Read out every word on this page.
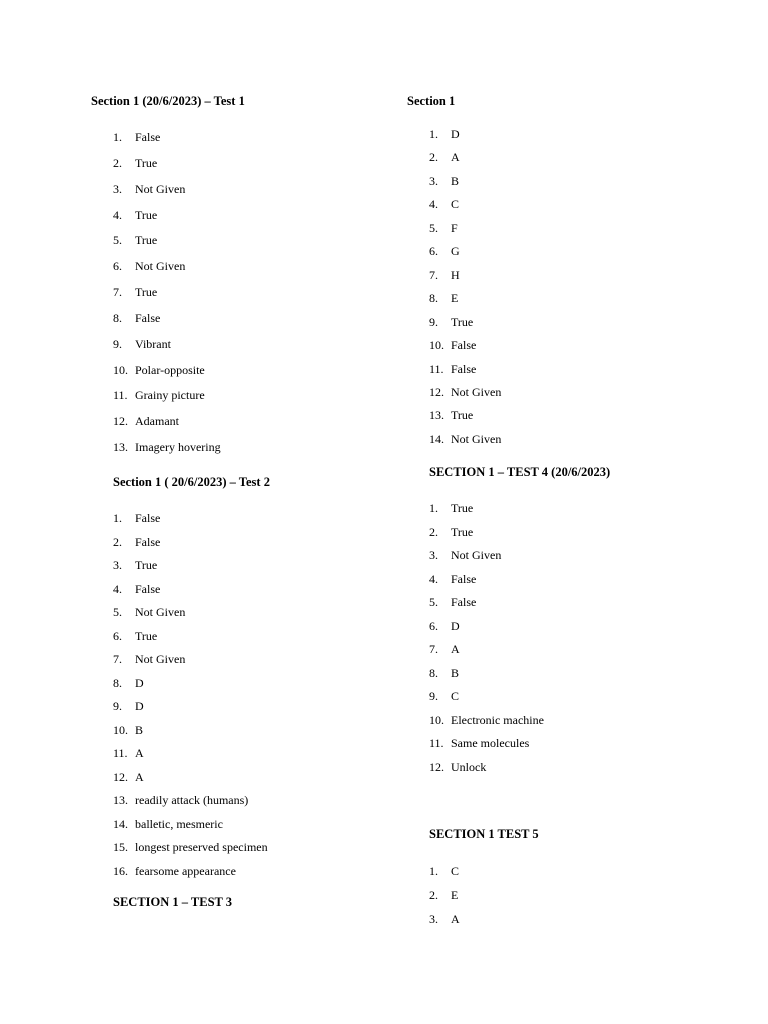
Section 1 (20/6/2023) – Test 1
1.	False
2.	True
3.	Not Given
4.	True
5.	True
6.	Not Given
7.	True
8.	False
9.	Vibrant
10. Polar-opposite
11. Grainy picture
12. Adamant
13. Imagery hovering
Section 1 ( 20/6/2023) – Test 2
1.	False
2.	False
3.	True
4.	False
5.	Not Given
6.	True
7.	Not Given
8.	D
9.	D
10. B
11. A
12. A
13. readily attack (humans)
14. balletic, mesmeric
15. longest preserved specimen
16. fearsome appearance
SECTION 1 – TEST 3
Section 1
1.	D
2.	A
3.	B
4.	C
5.	F
6.	G
7.	H
8.	E
9.	True
10. False
11. False
12. Not Given
13. True
14. Not Given
SECTION 1 – TEST 4 (20/6/2023)
1.	True
2.	True
3.	Not Given
4.	False
5.	False
6.	D
7.	A
8.	B
9.	C
10. Electronic machine
11. Same molecules
12. Unlock
SECTION 1 TEST 5
1.	C
2.	E
3.	A
